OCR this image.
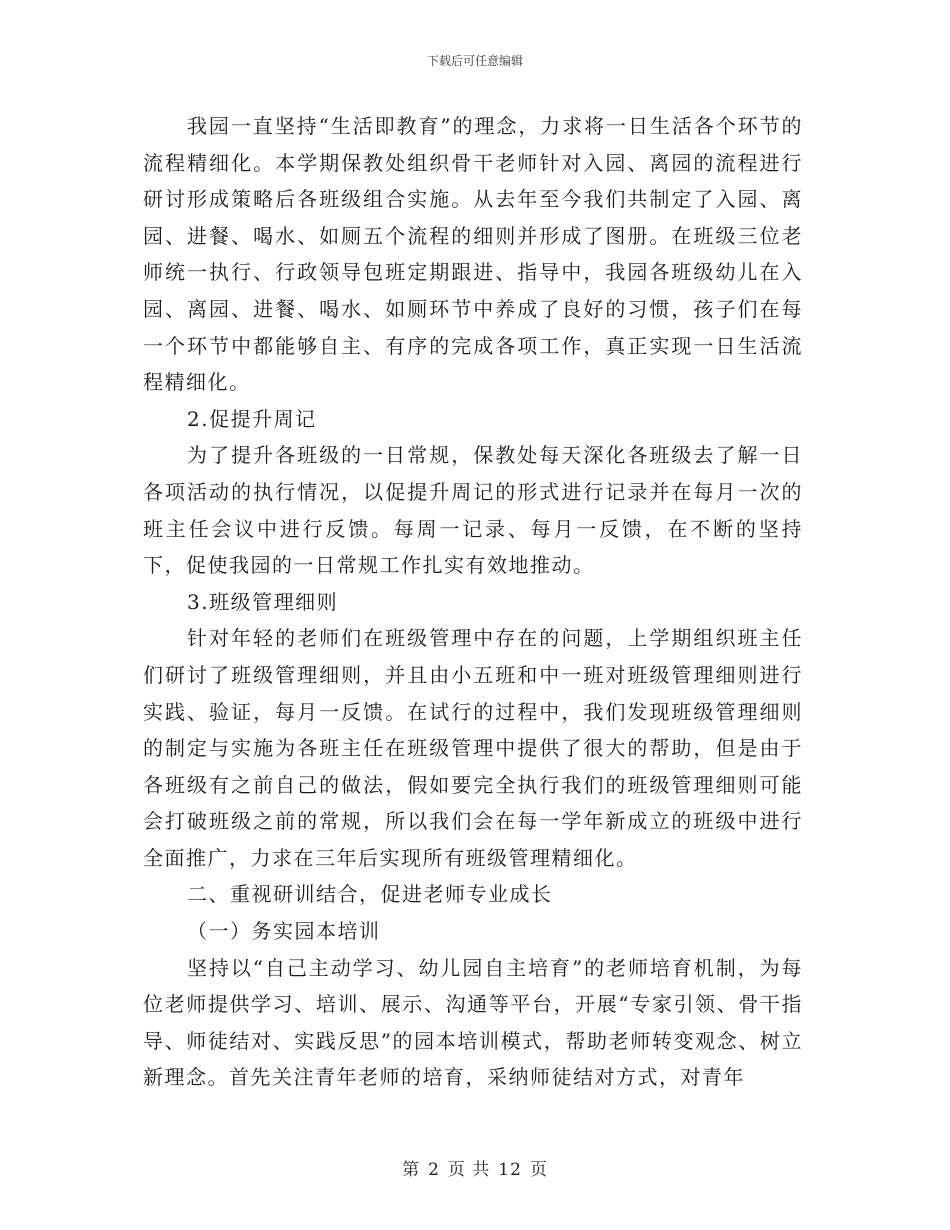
下载后可任意编辑

我园一直坚持“生活即教育”的理念，力求将一日生活各个环节的流程精细化。本学期保教处组织骨干老师针对入园、离园的流程进行研讨形成策略后各班级组合实施。从去年至今我们共制定了入园、离园、进餐、喝水、如厕五个流程的细则并形成了图册。在班级三位老师统一执行、行政领导包班定期跟进、指导中，我园各班级幼儿在入园、离园、进餐、喝水、如厕环节中养成了良好的习惯，孩子们在每一个环节中都能够自主、有序的完成各项工作，真正实现一日生活流程精细化。

2.促提升周记

为了提升各班级的一日常规，保教处每天深化各班级去了解一日各项活动的执行情况，以促提升周记的形式进行记录并在每月一次的班主任会议中进行反馈。每周一记录、每月一反馈，在不断的坚持下，促使我园的一日常规工作扎实有效地推动。

3.班级管理细则

针对年轻的老师们在班级管理中存在的问题，上学期组织班主任们研讨了班级管理细则，并且由小五班和中一班对班级管理细则进行实践、验证，每月一反馈。在试行的过程中，我们发现班级管理细则的制定与实施为各班主任在班级管理中提供了很大的帮助，但是由于各班级有之前自己的做法，假如要完全执行我们的班级管理细则可能会打破班级之前的常规，所以我们会在每一学年新成立的班级中进行全面推广，力求在三年后实现所有班级管理精细化。

二、重视研训结合，促进老师专业成长

（一）务实园本培训

坚持以“自己主动学习、幼儿园自主培育”的老师培育机制，为每位老师提供学习、培训、展示、沟通等平台，开展“专家引领、骨干指导、师徒结对、实践反思”的园本培训模式，帮助老师转变观念、树立新理念。首先关注青年老师的培育，采纳师徒结对方式，对青年

第 2 页 共 12 页
